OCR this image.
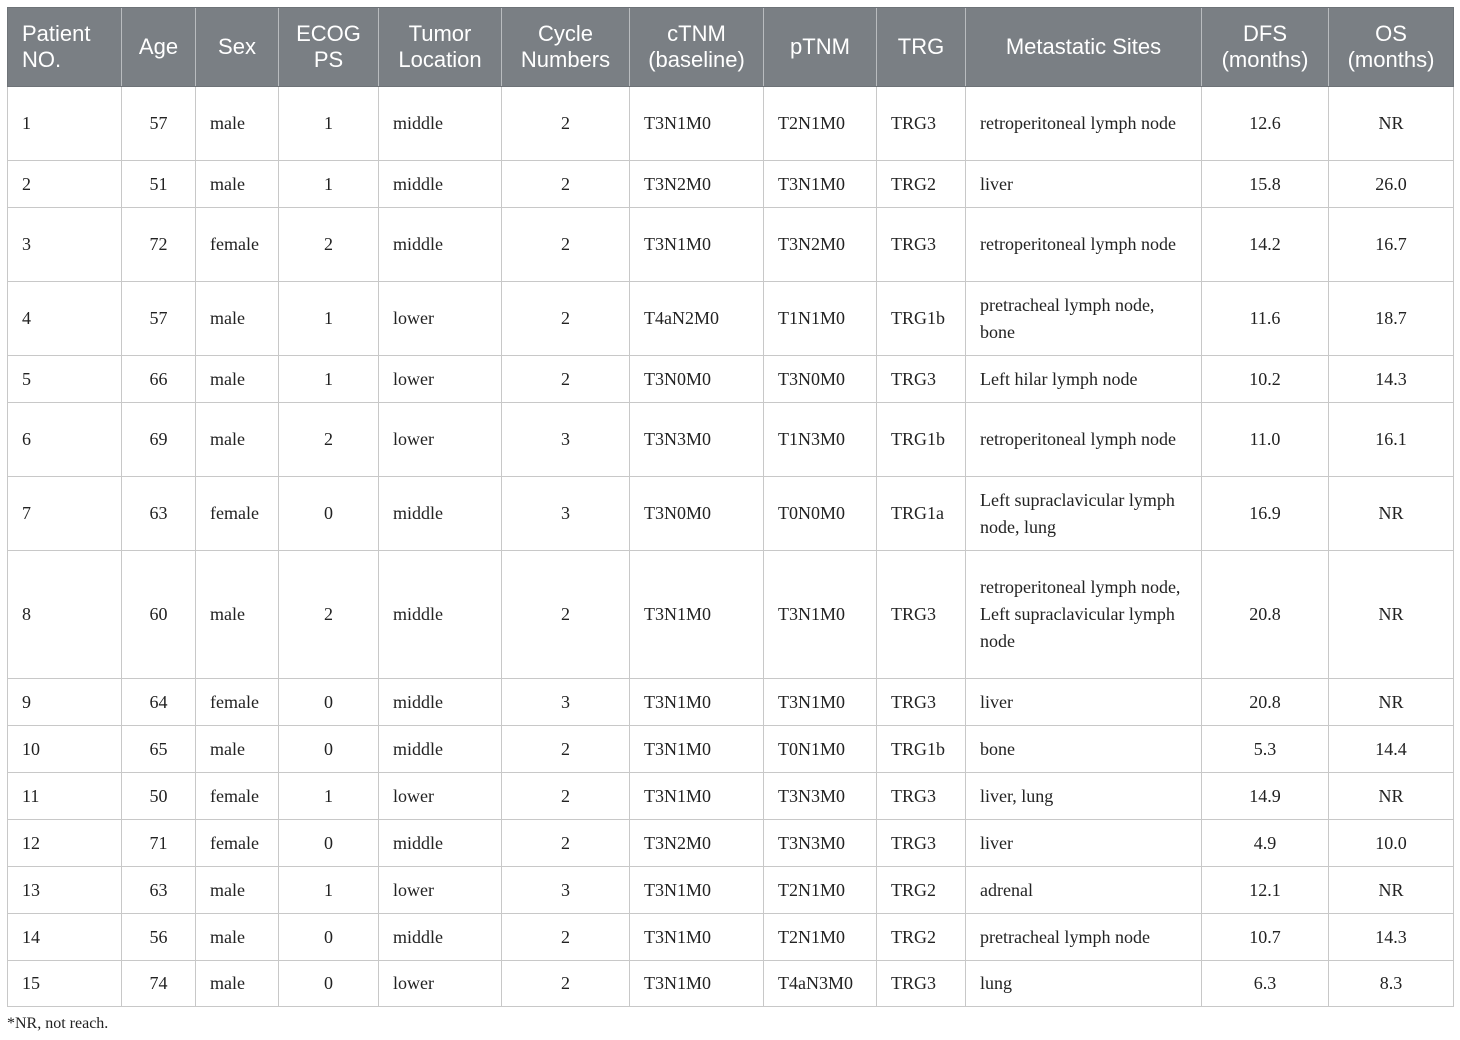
Patient NO.	Age	Sex	ECOG PS	Tumor Location	Cycle Numbers	cTNM (baseline)	pTNM	TRG	Metastatic Sites	DFS (months)	OS (months)
1	57	male	1	middle	2	T3N1M0	T2N1M0	TRG3	retroperitoneal lymph node	12.6	NR
2	51	male	1	middle	2	T3N2M0	T3N1M0	TRG2	liver	15.8	26.0
3	72	female	2	middle	2	T3N1M0	T3N2M0	TRG3	retroperitoneal lymph node	14.2	16.7
4	57	male	1	lower	2	T4aN2M0	T1N1M0	TRG1b	pretracheal lymph node, bone	11.6	18.7
5	66	male	1	lower	2	T3N0M0	T3N0M0	TRG3	Left hilar lymph node	10.2	14.3
6	69	male	2	lower	3	T3N3M0	T1N3M0	TRG1b	retroperitoneal lymph node	11.0	16.1
7	63	female	0	middle	3	T3N0M0	T0N0M0	TRG1a	Left supraclavicular lymph node, lung	16.9	NR
8	60	male	2	middle	2	T3N1M0	T3N1M0	TRG3	retroperitoneal lymph node, Left supraclavicular lymph node	20.8	NR
9	64	female	0	middle	3	T3N1M0	T3N1M0	TRG3	liver	20.8	NR
10	65	male	0	middle	2	T3N1M0	T0N1M0	TRG1b	bone	5.3	14.4
11	50	female	1	lower	2	T3N1M0	T3N3M0	TRG3	liver, lung	14.9	NR
12	71	female	0	middle	2	T3N2M0	T3N3M0	TRG3	liver	4.9	10.0
13	63	male	1	lower	3	T3N1M0	T2N1M0	TRG2	adrenal	12.1	NR
14	56	male	0	middle	2	T3N1M0	T2N1M0	TRG2	pretracheal lymph node	10.7	14.3
15	74	male	0	lower	2	T3N1M0	T4aN3M0	TRG3	lung	6.3	8.3
*NR, not reach.
